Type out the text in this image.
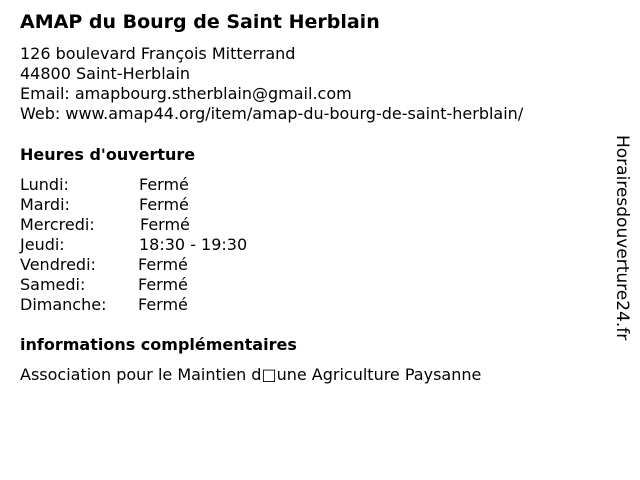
AMAP du Bourg de Saint Herblain
126 boulevard François Mitterrand
44800 Saint-Herblain
Email: amapbourg.stherblain@gmail.com
Web: www.amap44.org/item/amap-du-bourg-de-saint-herblain/
Heures d'ouverture
Lundi:	Fermé
Mardi:	Fermé
Mercredi:	Fermé
Jeudi:	18:30 - 19:30
Vendredi:	Fermé
Samedi:	Fermé
Dimanche: Fermé
informations complémentaires
Association pour le Maintien d□une Agriculture Paysanne
Horairesdouverture24.fr
